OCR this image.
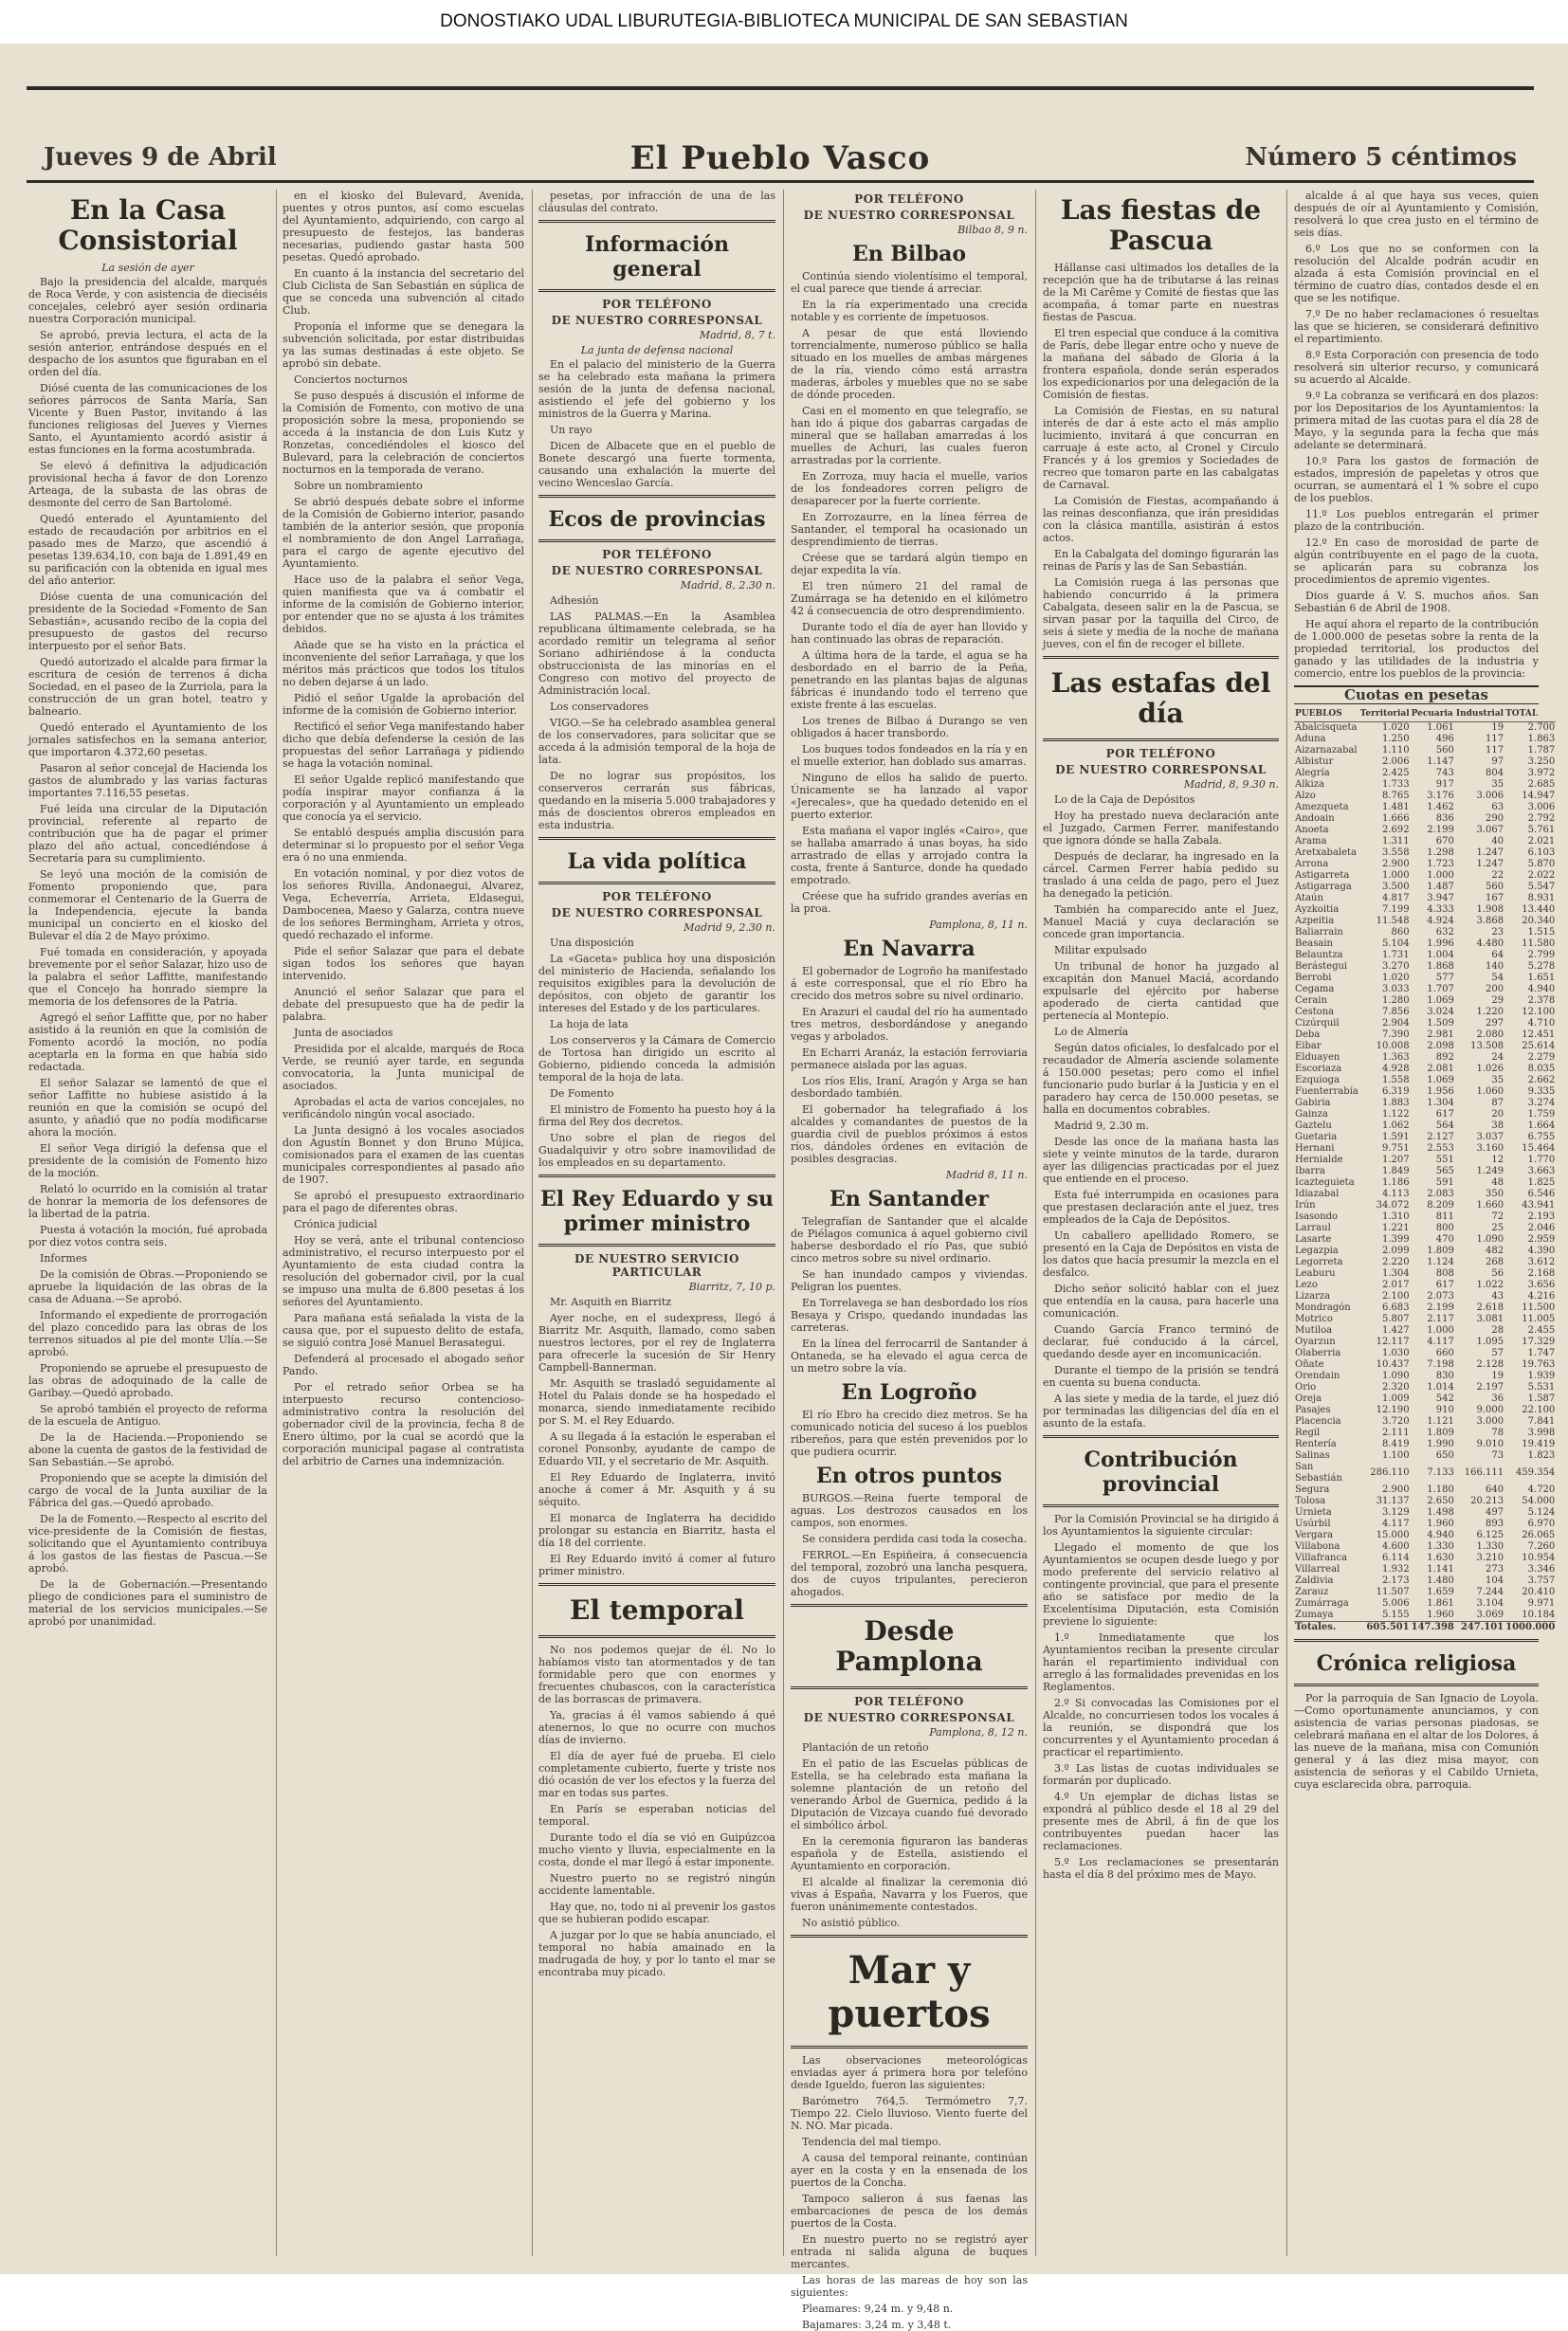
DONOSTIAKO UDAL LIBURUTEGIA-BIBLIOTECA MUNICIPAL DE SAN SEBASTIAN
Jueves 9 de Abril	El Pueblo Vasco	Número 5 céntimos
En la Casa Consistorial
La sesión de ayer

Bajo la presidencia del alcalde, marqués de Roca Verde, y con asistencia de dieciséis concejales, celebró ayer sesión ordinaria nuestra Corporación municipal.

Se aprobó, previa lectura, el acta de la sesión anterior, entrándose después en el despacho de los asuntos que figuraban en el orden del día.

Diósé cuenta de las comunicaciones de los señores párrocos de Santa María, San Vicente y Buen Pastor, invitando á las funciones religiosas del Jueves y Viernes Santo, el Ayuntamiento acordó asistir á estas funciones en la forma acostumbrada.

Se elevó á definitiva la adjudicación provisional hecha á favor de don Lorenzo Arteaga, de la subasta de las obras de desmonte del cerro de San Bartolomé.

Quedó enterado el Ayuntamiento del estado de recaudación por arbitrios en el pasado mes de Marzo, que ascendió á pesetas 139.634,10, con baja de 1.891,49 en su parificación con la obtenida en igual mes del año anterior.

Dióse cuenta de una comunicación del presidente de la Sociedad «Fomento de San Sebastián», acusando recibo de la copia del presupuesto de gastos del recurso interpuesto por el señor Bats.

Quedó autorizado el alcalde para firmar la escritura de cesión de terrenos á dicha Sociedad, en el paseo de la Zurriola, para la construcción de un gran hotel, teatro y balneario.

Quedó enterado el Ayuntamiento de los jornales satisfechos en la semana anterior, que importaron 4.372,60 pesetas.

Pasaron al señor concejal de Hacienda los gastos de alumbrado y las varias facturas importantes 7.116,55 pesetas.

Fué leída una circular de la Diputación provincial, referente al reparto de contribución que ha de pagar el primer plazo del año actual, concediéndose á Secretaría para su cumplimiento.

Se leyó una moción de la comisión de Fomento proponiendo que, para conmemorar el Centenario de la Guerra de la Independencia, ejecute la banda municipal un concierto en el kiosko del Bulevar el día 2 de Mayo próximo.

Fué tomada en consideración, y apoyada brevemente por el señor Salazar, hizo uso de la palabra el señor Laffitte, manifestando que el Concejo ha honrado siempre la memoria de los defensores de la Patria.

Agregó el señor Laffitte que, por no haber asistido á la reunión en que la comisión de Fomento acordó la moción, no podía aceptarla en la forma en que había sido redactada.

El señor Salazar se lamentó de que el señor Laffitte no hubiese asistido á la reunión en que la comisión se ocupó del asunto, y añadió que no podía modificarse ahora la moción.

El señor Vega dirigió la defensa que el presidente de la comisión de Fomento hizo de la moción.

Relató lo ocurrido en la comisión al tratar de honrar la memoria de los defensores de la libertad de la patria.

Puesta á votación la moción, fué aprobada por diez votos contra seis.

Informes

De la comisión de Obras.—Proponiendo se apruebe la liquidación de las obras de la casa de Aduana.—Se aprobó.

Informando el expediente de prorrogación del plazo concedido para las obras de los terrenos situados al pie del monte Ulía.—Se aprobó.

Proponiendo se apruebe el presupuesto de las obras de adoquinado de la calle de Garibay.—Quedó aprobado.

Se aprobó también el proyecto de reforma de la escuela de Antiguo.

De la de Hacienda.—Proponiendo se abone la cuenta de gastos de la festividad de San Sebastián.—Se aprobó.

Proponiendo que se acepte la dimisión del cargo de vocal de la Junta auxiliar de la Fábrica del gas.—Quedó aprobado.

De la de Fomento.—Respecto al escrito del vice-presidente de la Comisión de fiestas, solicitando que el Ayuntamiento contribuya á los gastos de las fiestas de Pascua.—Se aprobó.

De la de Gobernación.—Presentando pliego de condiciones para el suministro de material de los servicios municipales.—Se aprobó por unanimidad.

en el kiosko del Bulevard, Avenida, puentes y otros puntos, así como escuelas del Ayuntamiento, adquiriendo, con cargo al presupuesto de festejos, las banderas necesarias, pudiendo gastar hasta 500 pesetas. Quedó aprobado.

En cuanto á la instancia del secretario del Club Ciclista de San Sebastián en súplica de que se conceda una subvención al citado Club.

Proponía el informe que se denegara la subvención solicitada, por estar distribuidas ya las sumas destinadas á este objeto. Se aprobó sin debate.

Conciertos nocturnos

Se puso después á discusión el informe de la Comisión de Fomento, con motivo de una proposición sobre la mesa, proponiendo se acceda á la instancia de don Luis Kutz y Ronzetas, concediéndoles el kiosco del Bulevard, para la celebración de conciertos nocturnos en la temporada de verano.

Sobre un nombramiento

Se abrió después debate sobre el informe de la Comisión de Gobierno interior, pasando también de la anterior sesión, que proponía el nombramiento de don Angel Larrañaga, para el cargo de agente ejecutivo del Ayuntamiento.

Hace uso de la palabra el señor Vega, quien manifiesta que va á combatir el informe de la comisión de Gobierno interior, por entender que no se ajusta á los trámites debidos.

Añade que se ha visto en la práctica el inconveniente del señor Larrañaga, y que los méritos más prácticos que todos los títulos no deben dejarse á un lado.

Pidió el señor Ugalde la aprobación del informe de la comisión de Gobierno interior.

Rectificó el señor Vega manifestando haber dicho que debía defenderse la cesión de las propuestas del señor Larrañaga y pidiendo se haga la votación nominal.

El señor Ugalde replicó manifestando que podía inspirar mayor confianza á la corporación y al Ayuntamiento un empleado que conocía ya el servicio.

Se entabló después amplia discusión para determinar si lo propuesto por el señor Vega era ó no una enmienda.

En votación nominal, y por diez votos de los señores Rivilla, Andonaegui, Alvarez, Vega, Echeverría, Arrieta, Eldasegui, Dambocenea, Maeso y Galarza, contra nueve de los señores Bermingham, Arrieta y otros, quedó rechazado el informe.

Pide el señor Salazar que para el debate sigan todos los señores que hayan intervenido.

Anunció el señor Salazar que para el debate del presupuesto que ha de pedir la palabra.

Junta de asociados

Presidida por el alcalde, marqués de Roca Verde, se reunió ayer tarde, en segunda convocatoria, la Junta municipal de asociados.

Aprobadas el acta de varios concejales, no verificándolo ningún vocal asociado.

La Junta designó á los vocales asociados don Agustín Bonnet y don Bruno Mújica, comisionados para el examen de las cuentas municipales correspondientes al pasado año de 1907.

Se aprobó el presupuesto extraordinario para el pago de diferentes obras.

Crónica judicial

Hoy se verá, ante el tribunal contencioso administrativo, el recurso interpuesto por el Ayuntamiento de esta ciudad contra la resolución del gobernador civil, por la cual se impuso una multa de 6.800 pesetas á los señores del Ayuntamiento.

Para mañana está señalada la vista de la causa que, por el supuesto delito de estafa, se siguió contra José Manuel Berasategui.

Defenderá al procesado el abogado señor Pando.

Por el retrado señor Orbea se ha interpuesto recurso contencioso-administrativo contra la resolución del gobernador civil de la provincia, fecha 8 de Enero último, por la cual se acordó que la corporación municipal pagase al contratista del arbitrio de Carnes una indemnización.

pesetas, por infracción de una de las cláusulas del contrato.

Información general
POR TELÉFONO
DE NUESTRO CORRESPONSAL
Madrid, 8, 7 t.
La junta de defensa nacional

En el palacio del ministerio de la Guerra se ha celebrado esta mañana la primera sesión de la junta de defensa nacional, asistiendo el jefe del gobierno y los ministros de la Guerra y Marina.

Un rayo

Dicen de Albacete que en el pueblo de Bonete descargó una fuerte tormenta, causando una exhalación la muerte del vecino Wenceslao García.

Ecos de provincias
POR TELÉFONO
DE NUESTRO CORRESPONSAL
Madrid, 8, 2.30 n.

Adhesión

LAS PALMAS.—En la Asamblea republicana últimamente celebrada, se ha acordado remitir un telegrama al señor Soriano adhiriéndose á la conducta obstruccionista de las minorías en el Congreso con motivo del proyecto de Administración local.

Los conservadores

VIGO.—Se ha celebrado asamblea general de los conservadores, para solicitar que se acceda á la admisión temporal de la hoja de lata.

De no lograr sus propósitos, los conserveros cerrarán sus fábricas, quedando en la miseria 5.000 trabajadores y más de doscientos obreros empleados en esta industria.

La vida política
POR TELÉFONO
DE NUESTRO CORRESPONSAL
Madrid 9, 2.30 n.

Una disposición

La «Gaceta» publica hoy una disposición del ministerio de Hacienda, señalando los requisitos exigibles para la devolución de depósitos, con objeto de garantir los intereses del Estado y de los particulares.

La hoja de lata

Los conserveros y la Cámara de Comercio de Tortosa han dirigido un escrito al Gobierno, pidiendo conceda la admisión temporal de la hoja de lata.

De Fomento

El ministro de Fomento ha puesto hoy á la firma del Rey dos decretos.

Uno sobre el plan de riegos del Guadalquivir y otro sobre inamovilidad de los empleados en su departamento.

El Rey Eduardo y su primer ministro
DE NUESTRO SERVICIO PARTICULAR
Biarritz, 7, 10 p.

Mr. Asquith en Biarritz

Ayer noche, en el sudexpress, llegó á Biarritz Mr. Asquith, llamado, como saben nuestros lectores, por el rey de Inglaterra para ofrecerle la sucesión de Sir Henry Campbell-Bannerman.

Mr. Asquith se trasladó seguidamente al Hotel du Palais donde se ha hospedado el monarca, siendo inmediatamente recibido por S. M. el Rey Eduardo.

A su llegada á la estación le esperaban el coronel Ponsonby, ayudante de campo de Eduardo VII, y el secretario de Mr. Asquith.

El Rey Eduardo de Inglaterra, invitó anoche á comer á Mr. Asquith y á su séquito.

El monarca de Inglaterra ha decidido prolongar su estancia en Biarritz, hasta el día 18 del corriente.

El Rey Eduardo invitó á comer al futuro primer ministro.

El temporal

No nos podemos quejar de él. No lo habíamos visto tan atormentados y de tan formidable pero que con enormes y frecuentes chubascos, con la característica de las borrascas de primavera.

Ya, gracias á él vamos sabiendo á qué atenernos, lo que no ocurre con muchos días de invierno.

El día de ayer fué de prueba. El cielo completamente cubierto, fuerte y triste nos dió ocasión de ver los efectos y la fuerza del mar en todas sus partes.

En París se esperaban noticias del temporal.

Durante todo el día se vió en Guipúzcoa mucho viento y lluvia, especialmente en la costa, donde el mar llegó á estar imponente.

Nuestro puerto no se registró ningún accidente lamentable.

Hay que, no, todo ni al prevenir los gastos que se hubieran podido escapar.

A juzgar por lo que se había anunciado, el temporal no había amainado en la madrugada de hoy, y por lo tanto el mar se encontraba muy picado.

POR TELÉFONO
DE NUESTRO CORRESPONSAL
Bilbao 8, 9 n.
En Bilbao

Continúa siendo violentísimo el temporal, el cual parece que tiende á arreciar.

En la ría experimentado una crecida notable y es corriente de ímpetuosos.

A pesar de que está lloviendo torrencialmente, numeroso público se halla situado en los muelles de ambas márgenes de la ría, viendo cómo está arrastra maderas, árboles y muebles que no se sabe de dónde proceden.

Casi en el momento en que telegrafío, se han ido á pique dos gabarras cargadas de mineral que se hallaban amarradas á los muelles de Achuri, las cuales fueron arrastradas por la corriente.

En Zorroza, muy hacia el muelle, varios de los fondeadores corren peligro de desaparecer por la fuerte corriente.

En Zorrozaurre, en la línea férrea de Santander, el temporal ha ocasionado un desprendimiento de tierras.

Créese que se tardará algún tiempo en dejar expedita la vía.

El tren número 21 del ramal de Zumárraga se ha detenido en el kilómetro 42 á consecuencia de otro desprendimiento.

Durante todo el día de ayer han llovido y han continuado las obras de reparación.

A última hora de la tarde, el agua se ha desbordado en el barrio de la Peña, penetrando en las plantas bajas de algunas fábricas é inundando todo el terreno que existe frente á las escuelas.

Los trenes de Bilbao á Durango se ven obligados á hacer transbordo.

Los buques todos fondeados en la ría y en el muelle exterior, han doblado sus amarras.

Ninguno de ellos ha salido de puerto. Únicamente se ha lanzado al vapor «Jerecales», que ha quedado detenido en el puerto exterior.

Esta mañana el vapor inglés «Cairo», que se hallaba amarrado á unas boyas, ha sido arrastrado de ellas y arrojado contra la costa, frente á Santurce, donde ha quedado empotrado.

Créese que ha sufrido grandes averías en la proa.

Pamplona, 8, 11 n.
En Navarra

El gobernador de Logroño ha manifestado á este corresponsal, que el río Ebro ha crecido dos metros sobre su nivel ordinario.

En Arazuri el caudal del río ha aumentado tres metros, desbordándose y anegando vegas y arbolados.

En Echarri Aranáz, la estación ferroviaria permanece aislada por las aguas.

Los ríos Elis, Iraní, Aragón y Arga se han desbordado también.

El gobernador ha telegrafiado á los alcaldes y comandantes de puestos de la guardia civil de pueblos próximos á estos ríos, dándoles órdenes en evitación de posibles desgracias.

Madrid 8, 11 n.
En Santander

Telegrafían de Santander que el alcalde de Piélagos comunica á aquel gobierno civil haberse desbordado el río Pas, que subió cinco metros sobre su nivel ordinario.

Se han inundado campos y viviendas. Peligran los puentes.

En Torrelavega se han desbordado los ríos Besaya y Crispo, quedando inundadas las carreteras.

En la línea del ferrocarril de Santander á Ontaneda, se ha elevado el agua cerca de un metro sobre la vía.

En Logroño

El río Ebro ha crecido diez metros. Se ha comunicado noticia del suceso á los pueblos ribereños, para que estén prevenidos por lo que pudiera ocurrir.

En otros puntos

BURGOS.—Reina fuerte temporal de aguas. Los destrozos causados en los campos, son enormes.

Se considera perdida casi toda la cosecha.

FERROL.—En Espiñeira, á consecuencia del temporal, zozobró una lancha pesquera, dos de cuyos tripulantes, perecieron ahogados.

Desde Pamplona
POR TELÉFONO
DE NUESTRO CORRESPONSAL
Pamplona, 8, 12 n.

Plantación de un retoño

En el patio de las Escuelas públicas de Estella, se ha celebrado esta mañana la solemne plantación de un retoño del venerando Árbol de Guernica, pedido á la Diputación de Vizcaya cuando fué devorado el simbólico árbol.

En la ceremonia figuraron las banderas española y de Estella, asistiendo el Ayuntamiento en corporación.

El alcalde al finalizar la ceremonia dió vivas á España, Navarra y los Fueros, que fueron unánimemente contestados.

No asistió público.

Mar y puertos

Las observaciones meteorológicas enviadas ayer á primera hora por telefóno desde Igueldo, fueron las siguientes:

Barómetro 764,5. Termómetro 7,7. Tiempo 22. Cielo lluvioso. Viento fuerte del N. NO. Mar picada.

Tendencia del mal tiempo.

A causa del temporal reinante, continúan ayer en la costa y en la ensenada de los puertos de la Concha.

Tampoco salieron á sus faenas las embarcaciones de pesca de los demás puertos de la Costa.

En nuestro puerto no se registró ayer entrada ni salida alguna de buques mercantes.

Las horas de las mareas de hoy son las siguientes:

Pleamares: 9,24 m. y 9,48 n.

Bajamares: 3,24 m. y 3,48 t.

Las fiestas de Pascua

Hállanse casi ultimados los detalles de la recepción que ha de tributarse á las reinas de la Mi Carême y Comité de fiestas que las acompaña, á tomar parte en nuestras fiestas de Pascua.

El tren especial que conduce á la comitiva de París, debe llegar entre ocho y nueve de la mañana del sábado de Gloria á la frontera española, donde serán esperados los expedicionarios por una delegación de la Comisión de fiestas.

La Comisión de Fiestas, en su natural interés de dar á este acto el más amplio lucimiento, invitará á que concurran en carruaje á este acto, al Cronel y Circulo Francés y á los gremios y Sociedades de recreo que tomaron parte en las cabalgatas de Carnaval.

La Comisión de Fiestas, acompañando á las reinas desconfianza, que irán presididas con la clásica mantilla, asistirán á estos actos.

En la Cabalgata del domingo figurarán las reinas de París y las de San Sebastián.

La Comisión ruega á las personas que habiendo concurrido á la primera Cabalgata, deseen salir en la de Pascua, se sirvan pasar por la taquilla del Circo, de seis á siete y media de la noche de mañana jueves, con el fin de recoger el billete.

Las estafas del día
POR TELÉFONO
DE NUESTRO CORRESPONSAL
Madrid, 8, 9.30 n.

Lo de la Caja de Depósitos

Hoy ha prestado nueva declaración ante el Juzgado, Carmen Ferrer, manifestando que ignora dónde se halla Zabala.

Después de declarar, ha ingresado en la cárcel. Carmen Ferrer había pedido su traslado á una celda de pago, pero el Juez ha denegado la petición.

También ha comparecido ante el Juez, Manuel Maciá y cuya declaración se concede gran importancia.

Militar expulsado

Un tribunal de honor ha juzgado al excapitán don Manuel Maciá, acordando expulsarle del ejército por haberse apoderado de cierta cantidad que pertenecía al Montepío.

Lo de Almería

Según datos oficiales, lo desfalcado por el recaudador de Almería asciende solamente á 150.000 pesetas; pero como el infiel funcionario pudo burlar á la Justicia y en el paradero hay cerca de 150.000 pesetas, se halla en documentos cobrables.

Madrid 9, 2.30 m.

Desde las once de la mañana hasta las siete y veinte minutos de la tarde, duraron ayer las diligencias practicadas por el juez que entiende en el proceso.

Esta fué interrumpida en ocasiones para que prestasen declaración ante el juez, tres empleados de la Caja de Depósitos.

Un caballero apellidado Romero, se presentó en la Caja de Depósitos en vista de los datos que hacía presumir la mezcla en el desfalco.

Dicho señor solicitó hablar con el juez que entendía en la causa, para hacerle una comunicación.

Cuando García Franco terminó de declarar, fué conducido á la cárcel, quedando desde ayer en incomunicación.

Durante el tiempo de la prisión se tendrá en cuenta su buena conducta.

A las siete y media de la tarde, el juez dió por terminadas las diligencias del día en el asunto de la estafa.

Contribución provincial

Por la Comisión Provincial se ha dirigido á los Ayuntamientos la siguiente circular:

Llegado el momento de que los Ayuntamientos se ocupen desde luego y por modo preferente del servicio relativo al contingente provincial, que para el presente año se satisface por medio de la Excelentísima Diputación, esta Comisión previene lo siguiente:

1.º Inmediatamente que los Ayuntamientos reciban la presente circular harán el repartimiento individual con arreglo á las formalidades prevenidas en los Reglamentos.

2.º Si convocadas las Comisiones por el Alcalde, no concurriesen todos los vocales á la reunión, se dispondrá que los concurrentes y el Ayuntamiento procedan á practicar el repartimiento.

3.º Las listas de cuotas individuales se formarán por duplicado.

4.º Un ejemplar de dichas listas se expondrá al público desde el 18 al 29 del presente mes de Abril, á fin de que los contribuyentes puedan hacer las reclamaciones.

5.º Los reclamaciones se presentarán hasta el día 8 del próximo mes de Mayo.

alcalde á al que haya sus veces, quien después de oír al Ayuntamiento y Comisión, resolverá lo que crea justo en el término de seis días.

6.º Los que no se conformen con la resolución del Alcalde podrán acudir en alzada á esta Comisión provincial en el término de cuatro días, contados desde el en que se les notifique.

7.º De no haber reclamaciones ó resueltas las que se hicieren, se considerará definitivo el repartimiento.

8.º Esta Corporación con presencia de todo resolverá sin ulterior recurso, y comunicará su acuerdo al Alcalde.

9.º La cobranza se verificará en dos plazos: por los Depositarios de los Ayuntamientos: la primera mitad de las cuotas para el día 28 de Mayo, y la segunda para la fecha que más adelante se determinará.

10.º Para los gastos de formación de estados, impresión de papeletas y otros que ocurran, se aumentará el 1 % sobre el cupo de los pueblos.

11.º Los pueblos entregarán el primer plazo de la contribución.

12.º En caso de morosidad de parte de algún contribuyente en el pago de la cuota, se aplicarán para su cobranza los procedimientos de apremio vigentes.

Dios guarde á V. S. muchos años. San Sebastián 6 de Abril de 1908.

He aquí ahora el reparto de la contribución de 1.000.000 de pesetas sobre la renta de la propiedad territorial, los productos del ganado y las utilidades de la industria y comercio, entre los pueblos de la provincia:

Cuotas en pesetas
PUEBLOS	Territorial	Pecuaria	Industrial	TOTAL
Abalcisqueta	1.020	1.061	19	2.700
Aduna	1.250	496	117	1.863
Aizarnazabal	1.110	560	117	1.787
Albistur	2.006	1.147	97	3.250
Alegría	2.425	743	804	3.972
Alkiza	1.733	917	35	2.685
Alzo	8.765	3.176	3.006	14.947
Amezqueta	1.481	1.462	63	3.006
Andoain	1.666	836	290	2.792
Anoeta	2.692	2.199	3.067	5.761
Arama	1.311	670	40	2.021
Aretxabaleta	3.558	1.298	1.247	6.103
Arrona	2.900	1.723	1.247	5.870
Astigarreta	1.000	1.000	22	2.022
Astigarraga	3.500	1.487	560	5.547
Ataún	4.817	3.947	167	8.931
Ayzkoitia	7.199	4.333	1.908	13.440
Azpeitia	11.548	4.924	3.868	20.340
Baliarrain	860	632	23	1.515
Beasain	5.104	1.996	4.480	11.580
Belauntza	1.731	1.004	64	2.799
Berástegui	3.270	1.868	140	5.278
Berrobi	1.020	577	54	1.651
Cegama	3.033	1.707	200	4.940
Cerain	1.280	1.069	29	2.378
Cestona	7.856	3.024	1.220	12.100
Cizúrquil	2.904	1.509	297	4.710
Deba	7.390	2.981	2.080	12.451
Eibar	10.008	2.098	13.508	25.614
Elduayen	1.363	892	24	2.279
Escoriaza	4.928	2.081	1.026	8.035
Ezquioga	1.558	1.069	35	2.662
Fuenterrabía	6.319	1.956	1.060	9.335
Gabiria	1.883	1.304	87	3.274
Gainza	1.122	617	20	1.759
Gaztelu	1.062	564	38	1.664
Guetaria	1.591	2.127	3.037	6.755
Hernani	9.751	2.553	3.160	15.464
Hernialde	1.207	551	12	1.770
Ibarra	1.849	565	1.249	3.663
Icazteguieta	1.186	591	48	1.825
Idiazabal	4.113	2.083	350	6.546
Irún	34.072	8.209	1.660	43.941
Isasondo	1.310	811	72	2.193
Larraul	1.221	800	25	2.046
Lasarte	1.399	470	1.090	2.959
Legazpia	2.099	1.809	482	4.390
Legorreta	2.220	1.124	268	3.612
Leaburu	1.304	808	56	2.168
Lezo	2.017	617	1.022	3.656
Lizarza	2.100	2.073	43	4.216
Mondragón	6.683	2.199	2.618	11.500
Motrico	5.807	2.117	3.081	11.005
Mutiloa	1.427	1.000	28	2.455
Oyarzun	12.117	4.117	1.095	17.329
Olaberria	1.030	660	57	1.747
Oñate	10.437	7.198	2.128	19.763
Orendain	1.090	830	19	1.939
Orio	2.320	1.014	2.197	5.531
Oreja	1.009	542	36	1.587
Pasajes	12.190	910	9.000	22.100
Placencia	3.720	1.121	3.000	7.841
Regil	2.111	1.809	78	3.998
Rentería	8.419	1.990	9.010	19.419
Salinas	1.100	650	73	1.823
San Sebastián	286.110	7.133	166.111	459.354
Segura	2.900	1.180	640	4.720
Tolosa	31.137	2.650	20.213	54.000
Urnieta	3.129	1.498	497	5.124
Usúrbil	4.117	1.960	893	6.970
Vergara	15.000	4.940	6.125	26.065
Villabona	4.600	1.330	1.330	7.260
Villafranca	6.114	1.630	3.210	10.954
Villarreal	1.932	1.141	273	3.346
Zaldivia	2.173	1.480	104	3.757
Zarauz	11.507	1.659	7.244	20.410
Zumárraga	5.006	1.861	3.104	9.971
Zumaya	5.155	1.960	3.069	10.184
Totales.	605.501	147.398	247.101	1000.000
Crónica religiosa

Por la parroquia de San Ignacio de Loyola.—Como oportunamente anunciamos, y con asistencia de varias personas piadosas, se celebrará mañana en el altar de los Dolores, á las nueve de la mañana, misa con Comunión general y á las diez misa mayor, con asistencia de señoras y el Cabildo Urnieta, cuya esclarecida obra, parroquia.
